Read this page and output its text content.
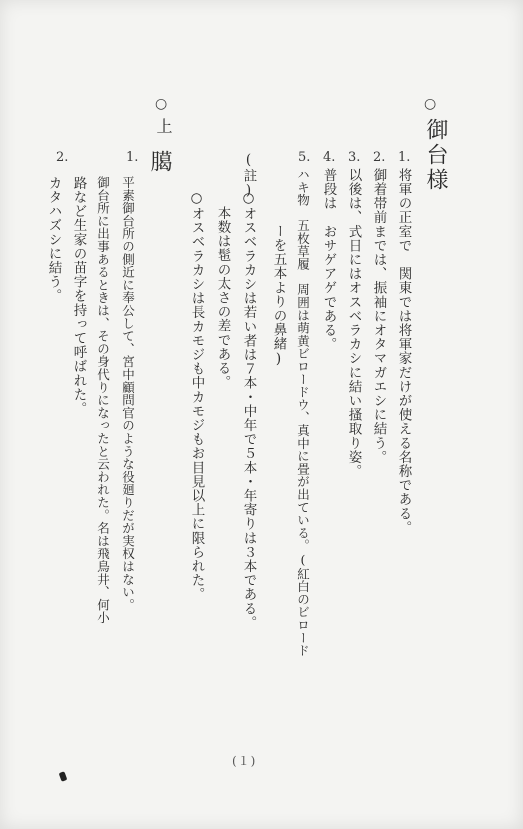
○
御台様
1.
将軍の正室で　関東では将軍家だけが使える名称である。
2.
御着帯前までは、振袖にオタマガエシに結う。
3.
以後は、式日にはオスベラカシに結い搔取り姿。
4.
普段は　おサゲアゲである。
5.
ハキ物　五枚草履　周囲は萌黄ビロードウ、真中に畳が出ている。(紅白のビロード
ーを五本よりの鼻緒)
(註)
○オスベラカシは若い者は７本・中年で５本・年寄りは３本である。
本数は髢の太さの差である。
○オスベラカシは長カモジも中カモジもお目見以上に限られた。
○
上
臈
1.
平素御台所の側近に奉公して、宮中顧問官のような役廻りだが実权はない。
御台所に出事あるときは、その身代りになったと云われた。名は飛鳥井、何小
路など生家の苗字を持って呼ばれた。
2.
カタハズシに結う。
(１)
